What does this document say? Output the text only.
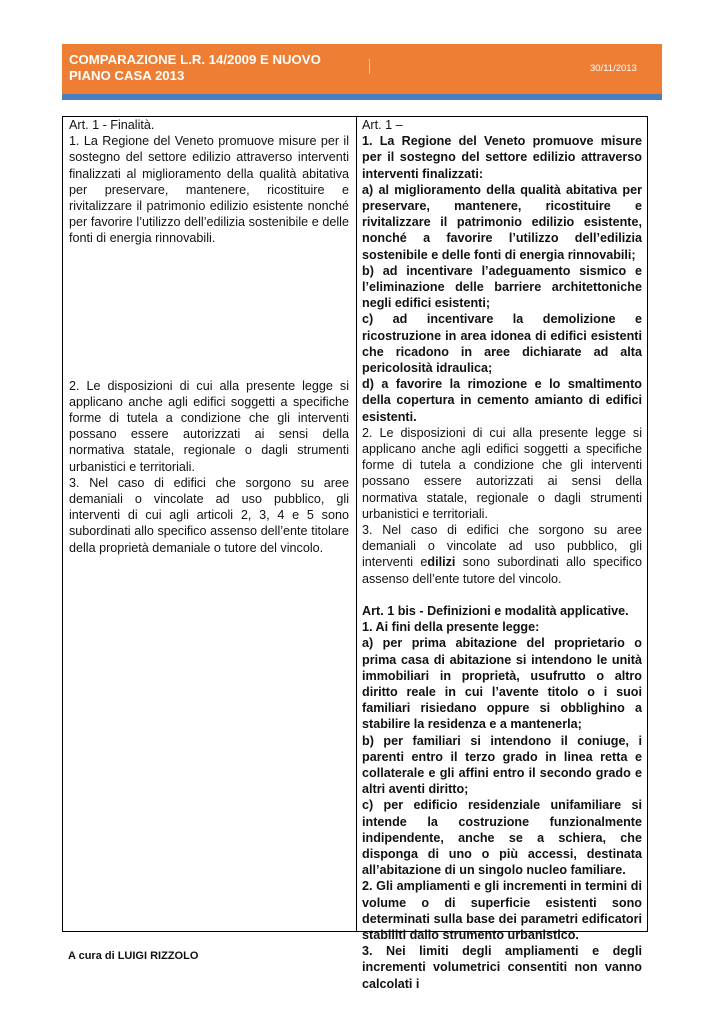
COMPARAZIONE L.R. 14/2009 E NUOVO PIANO CASA 2013	30/11/2013

Art. 1 - Finalità.

1. La Regione del Veneto promuove misure per il sostegno del settore edilizio attraverso interventi finalizzati al miglioramento della qualità abitativa per preservare, mantenere, ricostituire e rivitalizzare il patrimonio edilizio esistente nonché per favorire l’utilizzo dell’edilizia sostenibile e delle fonti di energia rinnovabili.

2. Le disposizioni di cui alla presente legge si applicano anche agli edifici soggetti a specifiche forme di tutela a condizione che gli interventi possano essere autorizzati ai sensi della normativa statale, regionale o dagli strumenti urbanistici e territoriali.

3. Nel caso di edifici che sorgono su aree demaniali o vincolate ad uso pubblico, gli interventi di cui agli articoli 2, 3, 4 e 5 sono subordinati allo specifico assenso dell’ente titolare della proprietà demaniale o tutore del vincolo.

Art. 1 –

1. La Regione del Veneto promuove misure per il sostegno del settore edilizio attraverso interventi finalizzati:

a) al miglioramento della qualità abitativa per preservare, mantenere, ricostituire e rivitalizzare il patrimonio edilizio esistente, nonché a favorire l’utilizzo dell’edilizia sostenibile e delle fonti di energia rinnovabili;

b) ad incentivare l’adeguamento sismico e l’eliminazione delle barriere architettoniche negli edifici esistenti;

c) ad incentivare la demolizione e ricostruzione in area idonea di edifici esistenti che ricadono in aree dichiarate ad alta pericolosità idraulica;

d) a favorire la rimozione e lo smaltimento della copertura in cemento amianto di edifici esistenti.

2. Le disposizioni di cui alla presente legge si applicano anche agli edifici soggetti a specifiche forme di tutela a condizione che gli interventi possano essere autorizzati ai sensi della normativa statale, regionale o dagli strumenti urbanistici e territoriali.

3. Nel caso di edifici che sorgono su aree demaniali o vincolate ad uso pubblico, gli interventi edilizi sono subordinati allo specifico assenso dell’ente tutore del vincolo.

Art. 1 bis - Definizioni e modalità applicative.

1. Ai fini della presente legge:

a) per prima abitazione del proprietario o prima casa di abitazione si intendono le unità immobiliari in proprietà, usufrutto o altro diritto reale in cui l’avente titolo o i suoi familiari risiedano oppure si obblighino a stabilire la residenza e a mantenerla;

b) per familiari si intendono il coniuge, i parenti entro il terzo grado in linea retta e collaterale e gli affini entro il secondo grado e altri aventi diritto;

c) per edificio residenziale unifamiliare si intende la costruzione funzionalmente indipendente, anche se a schiera, che disponga di uno o più accessi, destinata all’abitazione di un singolo nucleo familiare.

2. Gli ampliamenti e gli incrementi in termini di volume o di superficie esistenti sono determinati sulla base dei parametri edificatori stabiliti dallo strumento urbanistico.

3. Nei limiti degli ampliamenti e degli incrementi volumetrici consentiti non vanno calcolati i

A cura di LUIGI RIZZOLO
